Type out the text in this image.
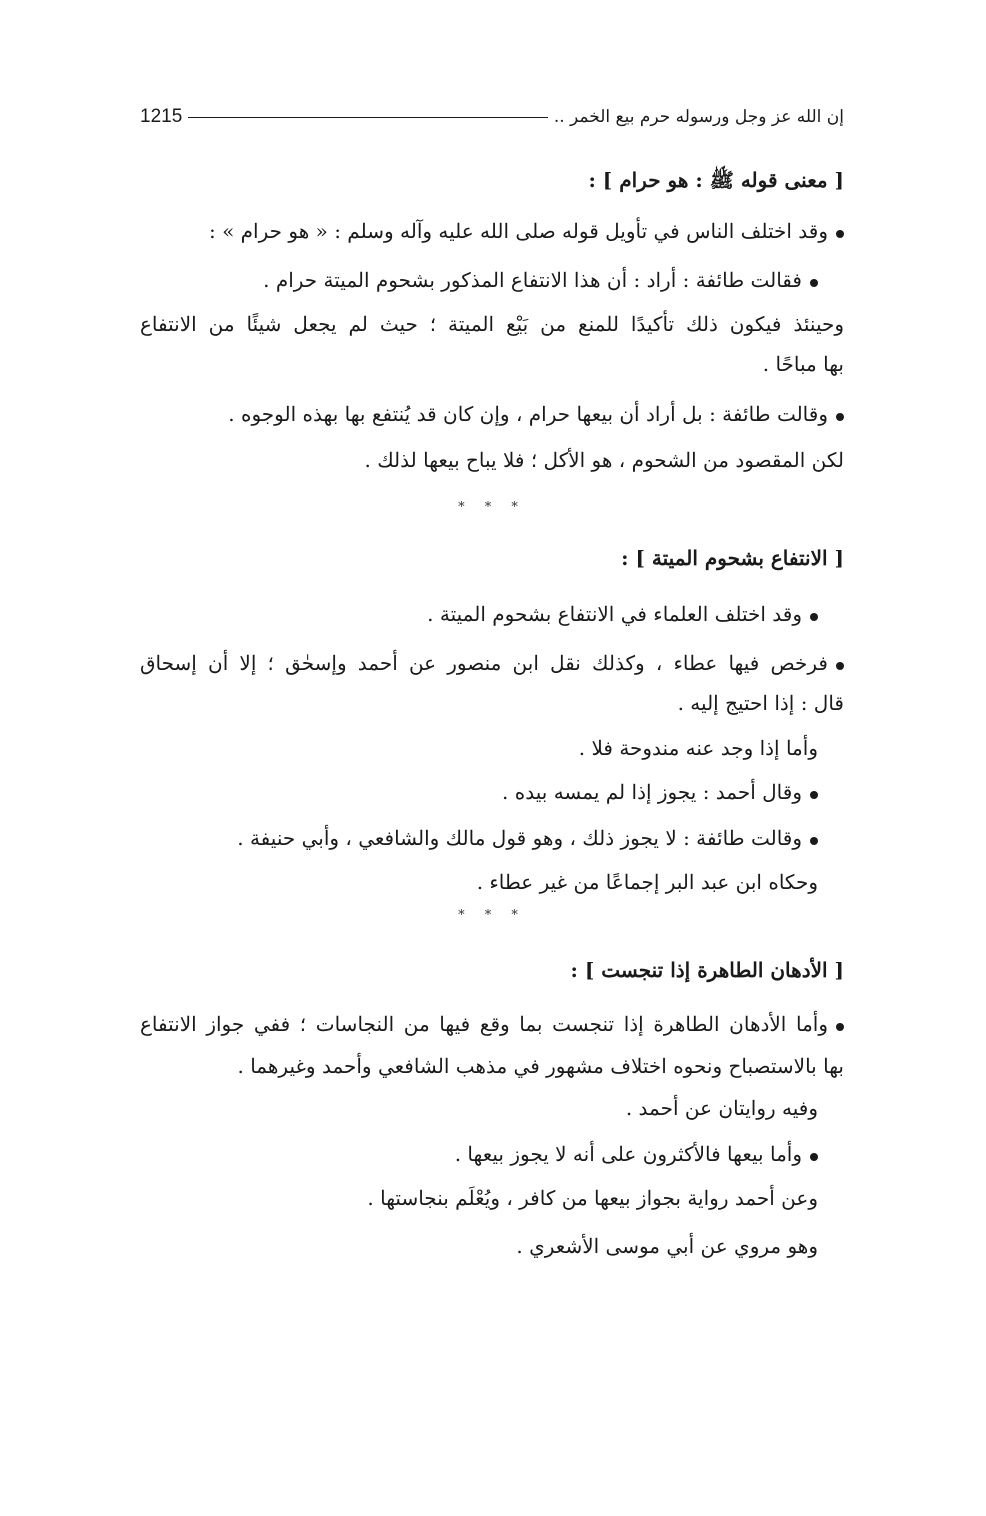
إن الله عز وجل ورسوله حرم بيع الخمر ..
1215
[ معنى قوله ﷺ : هو حرام ] :
وقد اختلف الناس في تأويل قوله صلى الله عليه وآله وسلم : « هو حرام » :
فقالت طائفة : أراد : أن هذا الانتفاع المذكور بشحوم الميتة حرام .
وحينئذ فيكون ذلك تأكيدًا للمنع من بَيْع الميتة ؛ حيث لم يجعل شيئًا من الانتفاع
بها مباحًا .
وقالت طائفة : بل أراد أن بيعها حرام ، وإن كان قد يُنتفع بها بهذه الوجوه .
لكن المقصود من الشحوم ، هو الأكل ؛ فلا يباح بيعها لذلك .
* * *
[ الانتفاع بشحوم الميتة ] :
وقد اختلف العلماء في الانتفاع بشحوم الميتة .
فرخص فيها عطاء ، وكذلك نقل ابن منصور عن أحمد وإسحٰق ؛ إلا أن إسحاق
قال : إذا احتيج إليه .
وأما إذا وجد عنه مندوحة فلا .
وقال أحمد : يجوز إذا لم يمسه بيده .
وقالت طائفة : لا يجوز ذلك ، وهو قول مالك والشافعي ، وأبي حنيفة .
وحكاه ابن عبد البر إجماعًا من غير عطاء .
* * *
[ الأدهان الطاهرة إذا تنجست ] :
وأما الأدهان الطاهرة إذا تنجست بما وقع فيها من النجاسات ؛ ففي جواز الانتفاع
بها بالاستصباح ونحوه اختلاف مشهور في مذهب الشافعي وأحمد وغيرهما .
وفيه روايتان عن أحمد .
وأما بيعها فالأكثرون على أنه لا يجوز بيعها .
وعن أحمد رواية بجواز بيعها من كافر ، ويُعْلَم بنجاستها .
وهو مروي عن أبي موسى الأشعري .
